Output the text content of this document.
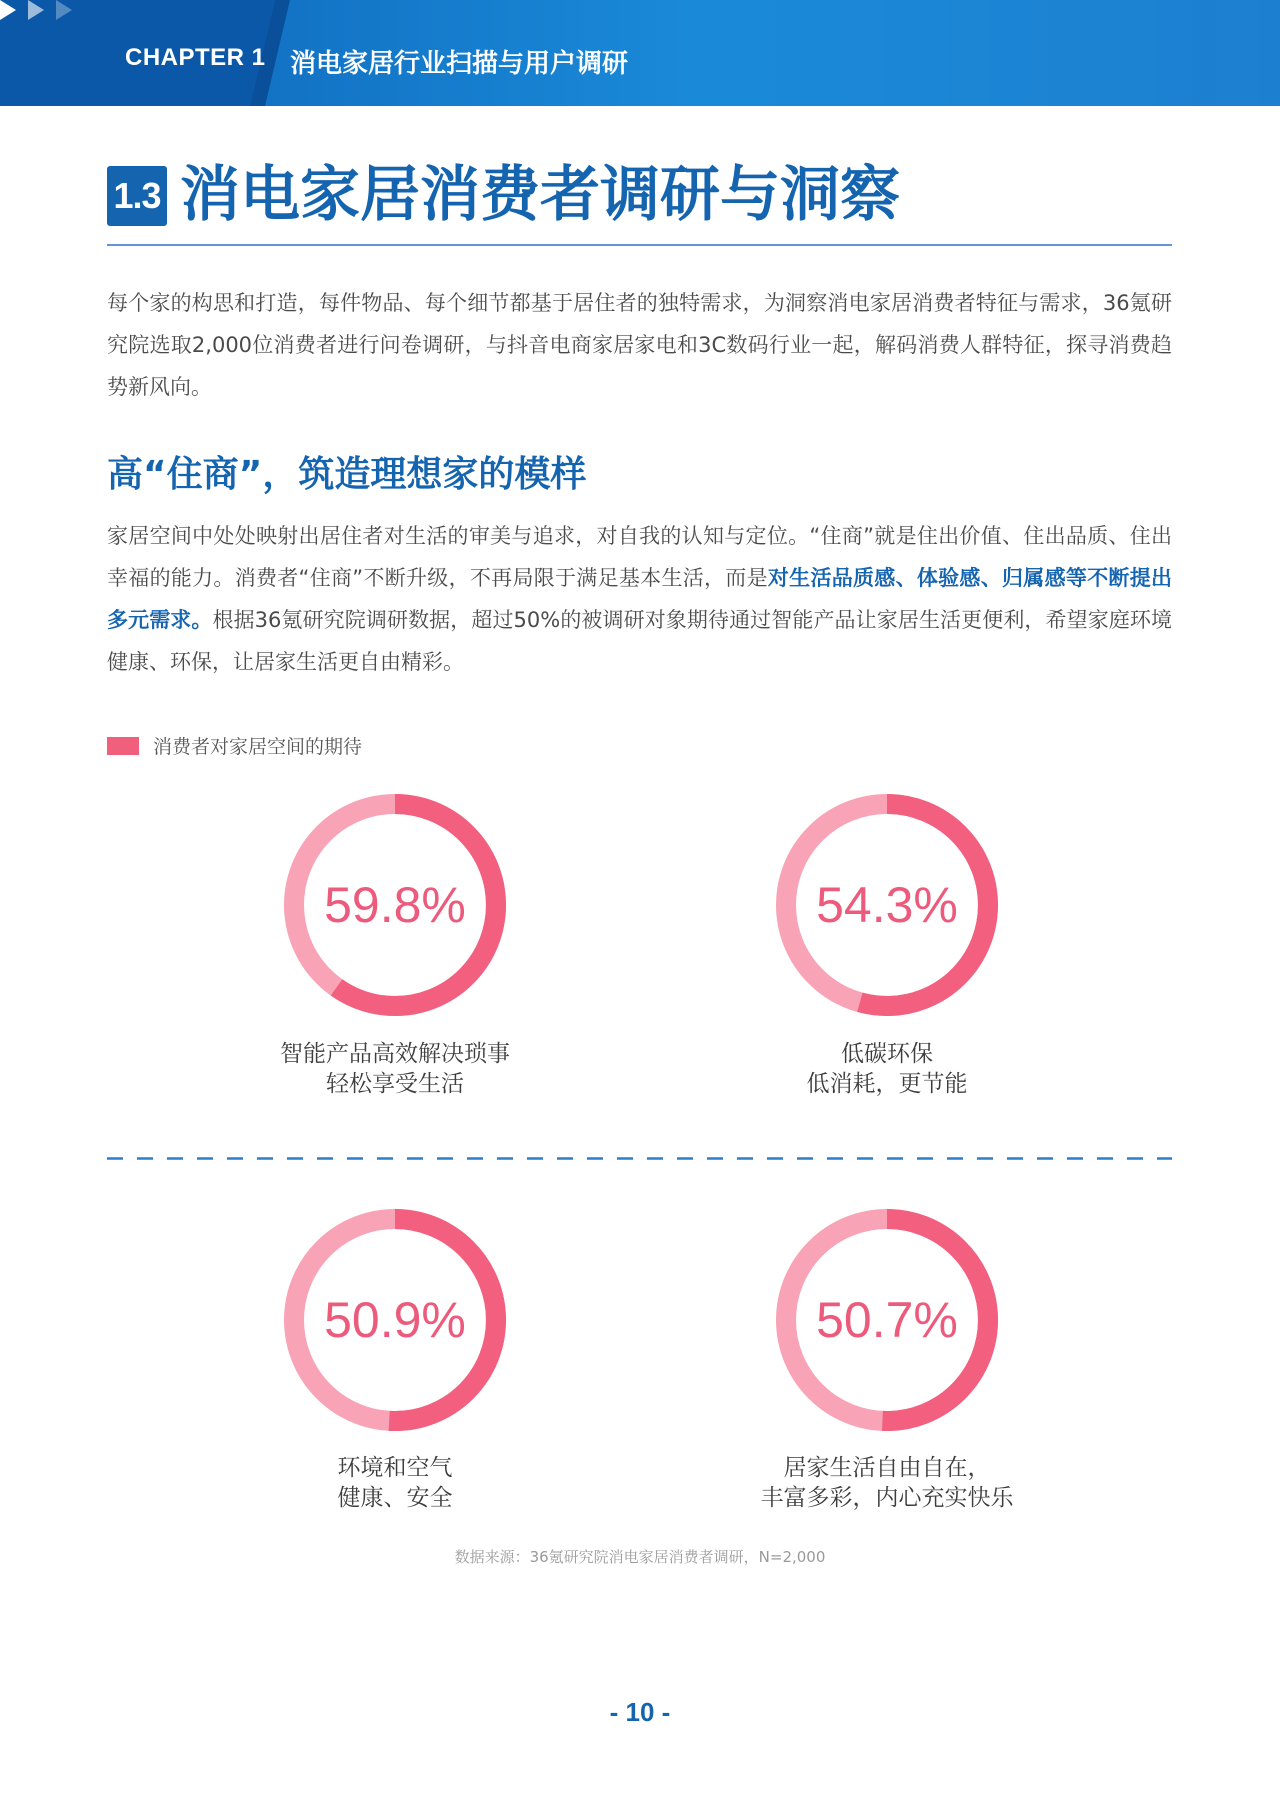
CHAPTER 1 消电家居行业扫描与用户调研
1.3 消电家居消费者调研与洞察
每个家的构思和打造，每件物品、每个细节都基于居住者的独特需求，为洞察消电家居消费者特征与需求，36氪研究院选取2,000位消费者进行问卷调研，与抖音电商家居家电和3C数码行业一起，解码消费人群特征，探寻消费趋势新风向。
高“住商”，筑造理想家的模样
家居空间中处处映射出居住者对生活的审美与追求，对自我的认知与定位。“住商”就是住出价值、住出品质、住出幸福的能力。消费者“住商”不断升级，不再局限于满足基本生活，而是对生活品质感、体验感、归属感等不断提出多元需求。根据36氪研究院调研数据，超过50%的被调研对象期待通过智能产品让家居生活更便利，希望家庭环境健康、环保，让居家生活更自由精彩。
消费者对家居空间的期待
59.8%
智能产品高效解决琐事
轻松享受生活
54.3%
低碳环保
低消耗，更节能
50.9%
环境和空气
健康、安全
50.7%
居家生活自由自在，
丰富多彩，内心充实快乐
数据来源：36氪研究院消电家居消费者调研，N=2,000
- 10 -
